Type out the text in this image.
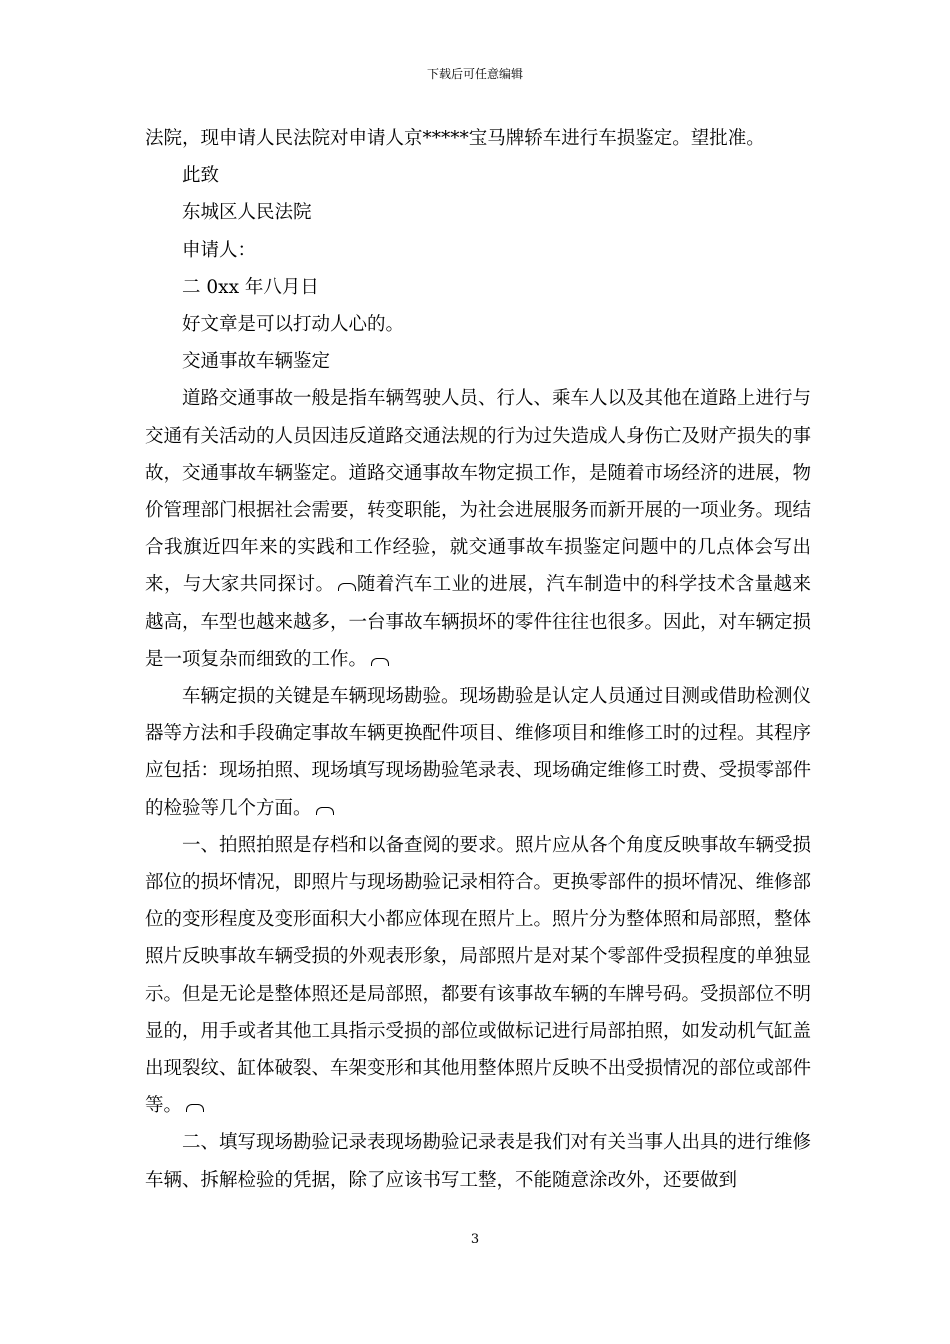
下载后可任意编辑

法院，现申请人民法院对申请人京*****宝马牌轿车进行车损鉴定。望批准。

此致

东城区人民法院

申请人：

二 0xx 年八月日

好文章是可以打动人心的。

交通事故车辆鉴定

道路交通事故一般是指车辆驾驶人员、行人、乘车人以及其他在道路上进行与交通有关活动的人员因违反道路交通法规的行为过失造成人身伤亡及财产损失的事故，交通事故车辆鉴定。道路交通事故车物定损工作，是随着市场经济的进展，物价管理部门根据社会需要，转变职能，为社会进展服务而新开展的一项业务。现结合我旗近四年来的实践和工作经验，就交通事故车损鉴定问题中的几点体会写出来，与大家共同探讨。 随着汽车工业的进展，汽车制造中的科学技术含量越来越高，车型也越来越多，一台事故车辆损坏的零件往往也很多。因此，对车辆定损是一项复杂而细致的工作。

车辆定损的关键是车辆现场勘验。现场勘验是认定人员通过目测或借助检测仪器等方法和手段确定事故车辆更换配件项目、维修项目和维修工时的过程。其程序应包括：现场拍照、现场填写现场勘验笔录表、现场确定维修工时费、受损零部件的检验等几个方面。

一、拍照拍照是存档和以备查阅的要求。照片应从各个角度反映事故车辆受损部位的损坏情况，即照片与现场勘验记录相符合。更换零部件的损坏情况、维修部位的变形程度及变形面积大小都应体现在照片上。照片分为整体照和局部照，整体照片反映事故车辆受损的外观表形象，局部照片是对某个零部件受损程度的单独显示。但是无论是整体照还是局部照，都要有该事故车辆的车牌号码。受损部位不明显的，用手或者其他工具指示受损的部位或做标记进行局部拍照，如发动机气缸盖出现裂纹、缸体破裂、车架变形和其他用整体照片反映不出受损情况的部位或部件等。

二、填写现场勘验记录表现场勘验记录表是我们对有关当事人出具的进行维修车辆、拆解检验的凭据，除了应该书写工整，不能随意涂改外，还要做到

3
